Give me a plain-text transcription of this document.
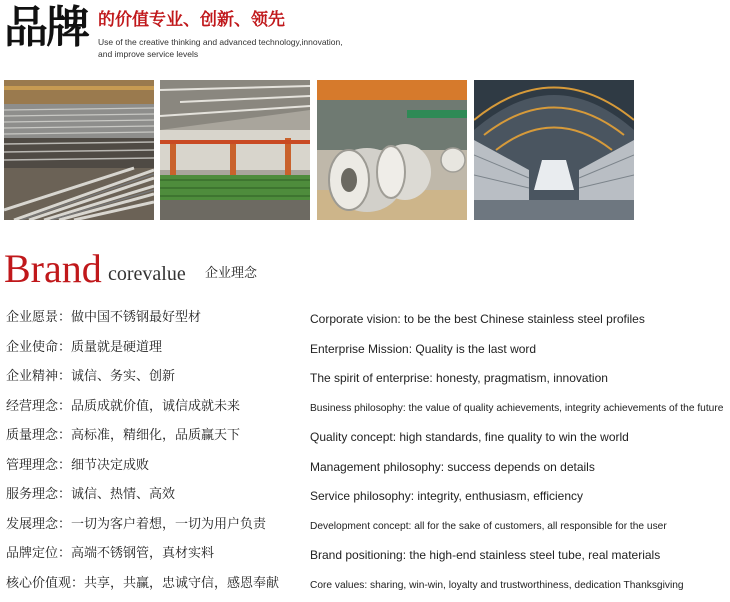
品牌 的价值专业、创新、领先
Use of the creative thinking and advanced technology,innovation,
and improve service levels
Brand corevalue 企业理念
企业愿景：做中国不锈钢最好型材	Corporate vision: to be the best Chinese stainless steel profiles
企业使命：质量就是硬道理	Enterprise Mission: Quality is the last word
企业精神：诚信、务实、创新	The spirit of enterprise: honesty, pragmatism, innovation
经营理念：品质成就价值，诚信成就未来	Business philosophy: the value of quality achievements, integrity achievements of the future
质量理念：高标准，精细化，品质赢天下	Quality concept: high standards, fine quality to win the world
管理理念：细节决定成败	Management philosophy: success depends on details
服务理念：诚信、热情、高效	Service philosophy: integrity, enthusiasm, efficiency
发展理念：一切为客户着想，一切为用户负责	Development concept: all for the sake of customers, all responsible for the user
品牌定位：高端不锈钢管，真材实料	Brand positioning: the high-end stainless steel tube, real materials
核心价值观：共享，共赢，忠诚守信，感恩奉献	Core values: sharing, win-win, loyalty and trustworthiness, dedication Thanksgiving
